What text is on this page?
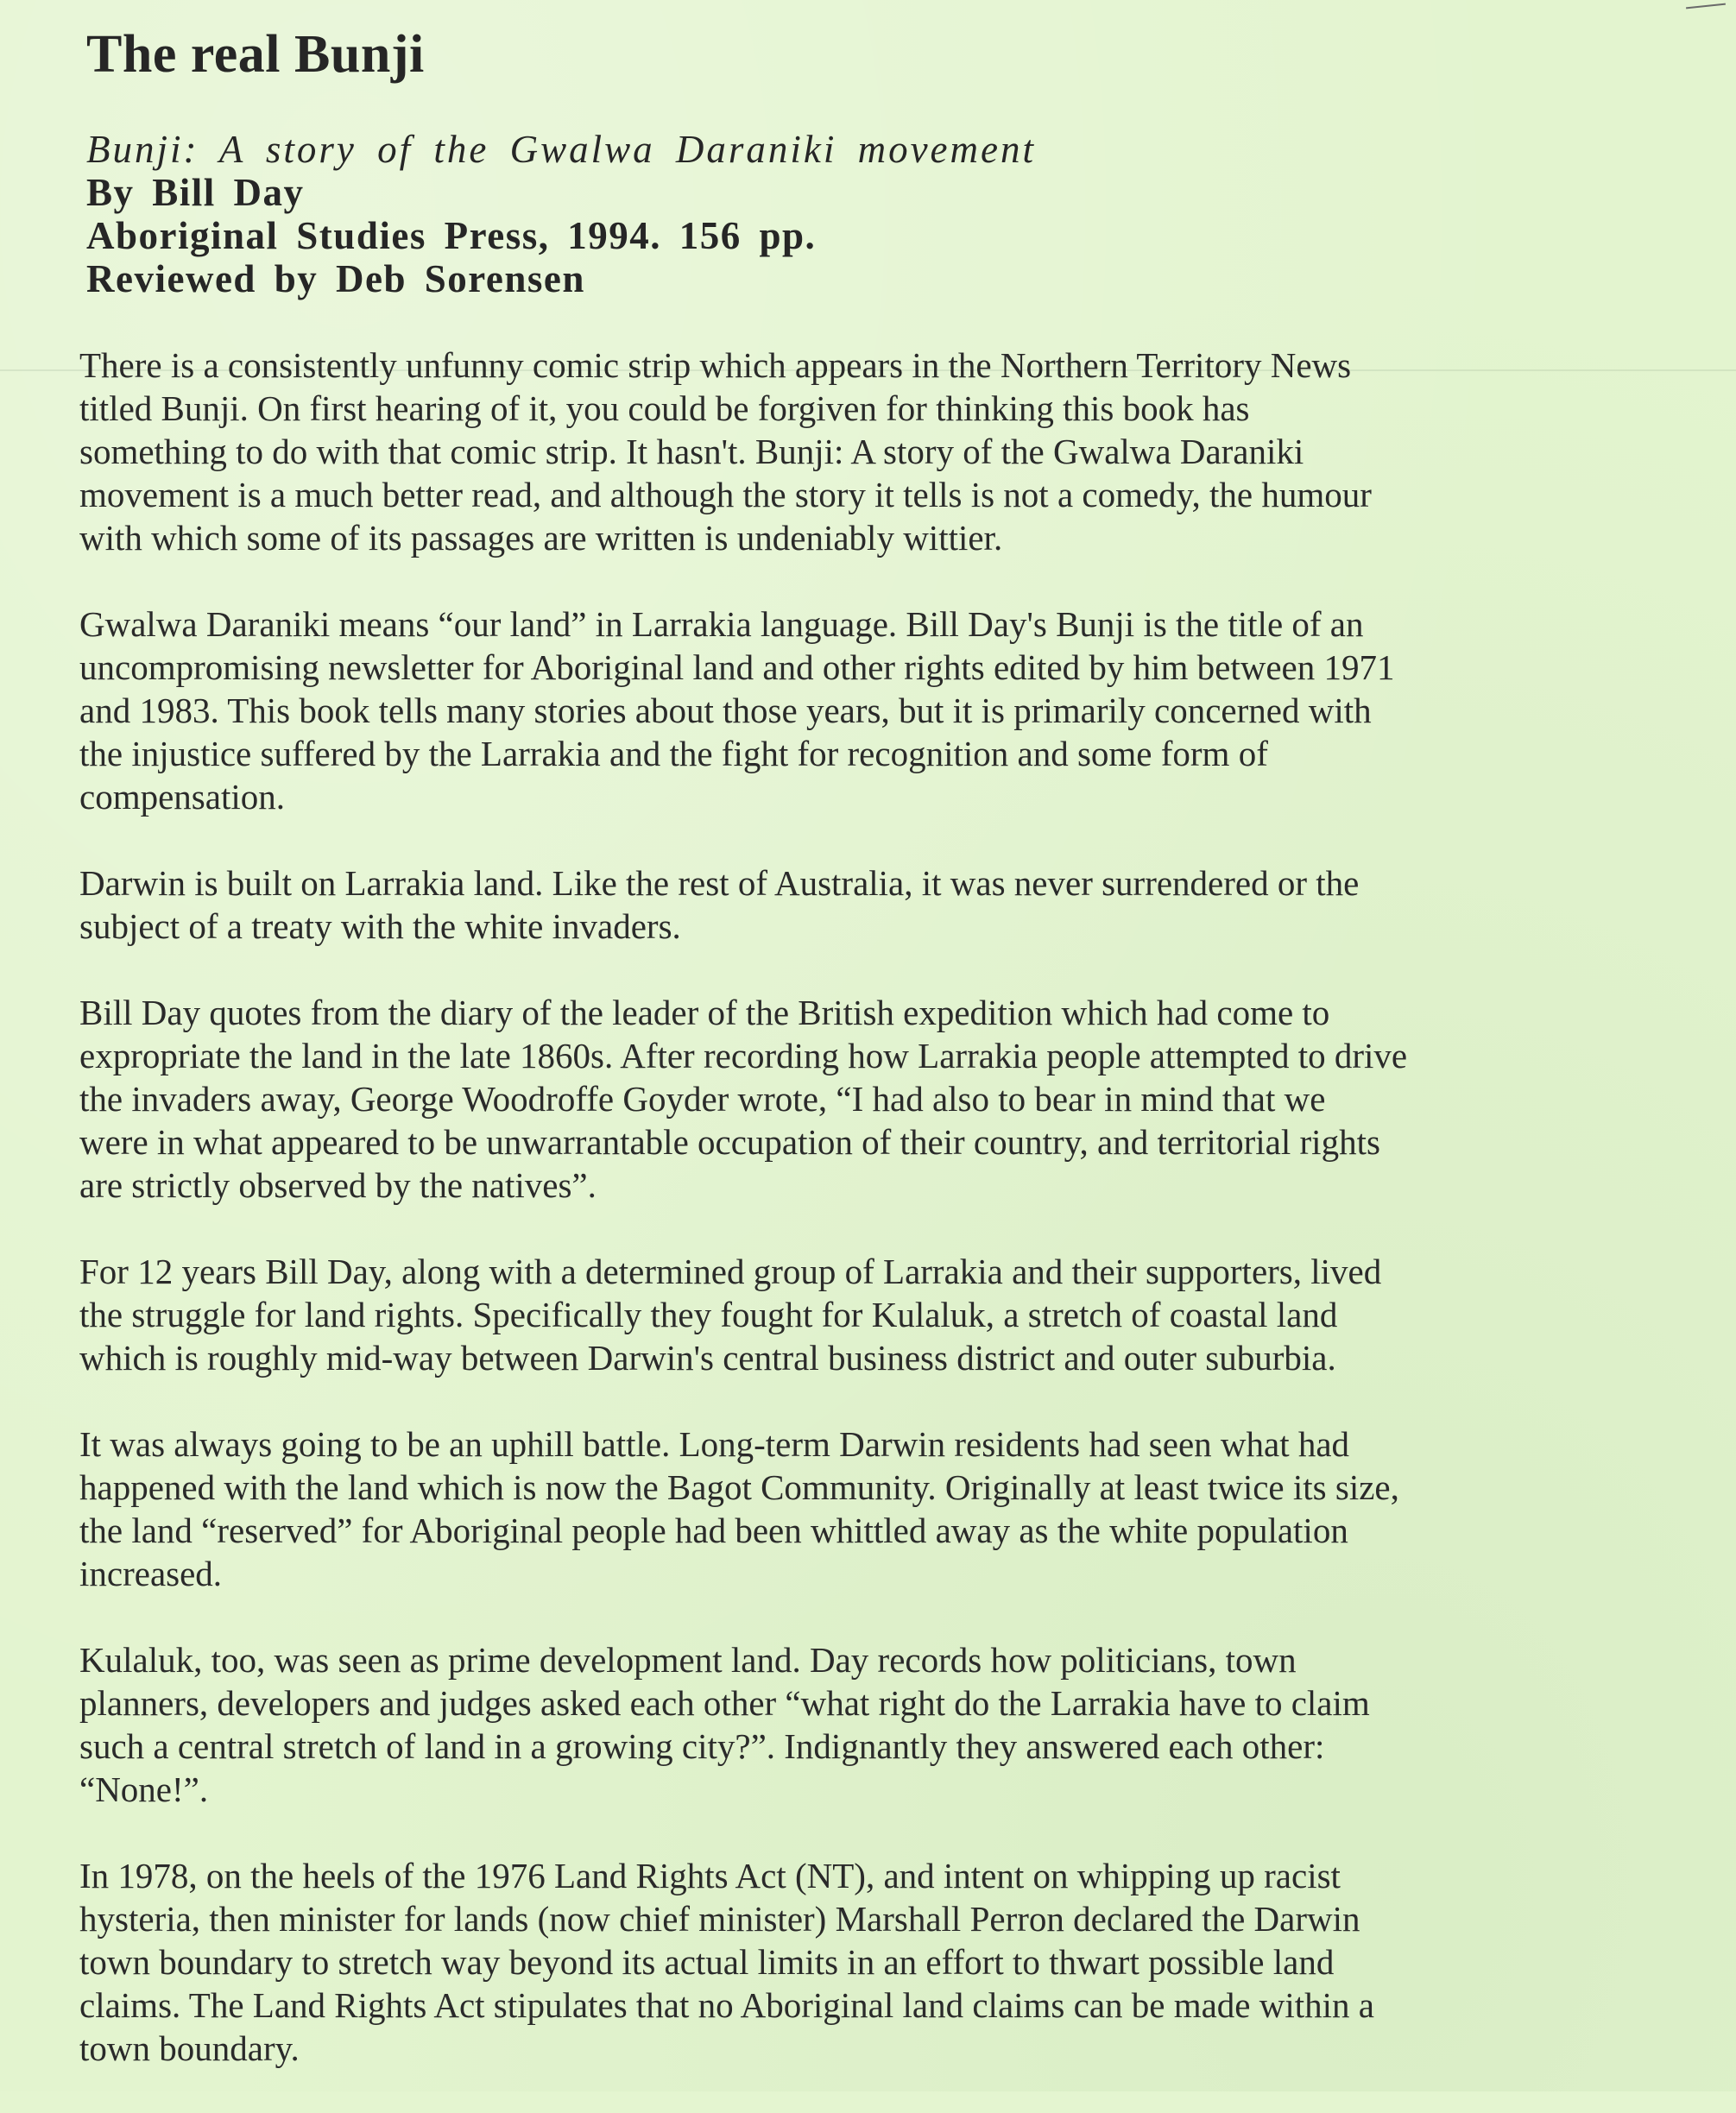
The real Bunji
Bunji: A story of the Gwalwa Daraniki movement
By Bill Day
Aboriginal Studies Press, 1994. 156 pp.
Reviewed by Deb Sorensen

There is a consistently unfunny comic strip which appears in the Northern Territory News
titled Bunji. On first hearing of it, you could be forgiven for thinking this book has
something to do with that comic strip. It hasn't. Bunji: A story of the Gwalwa Daraniki
movement is a much better read, and although the story it tells is not a comedy, the humour
with which some of its passages are written is undeniably wittier.

Gwalwa Daraniki means “our land” in Larrakia language. Bill Day's Bunji is the title of an
uncompromising newsletter for Aboriginal land and other rights edited by him between 1971
and 1983. This book tells many stories about those years, but it is primarily concerned with
the injustice suffered by the Larrakia and the fight for recognition and some form of
compensation.

Darwin is built on Larrakia land. Like the rest of Australia, it was never surrendered or the
subject of a treaty with the white invaders.

Bill Day quotes from the diary of the leader of the British expedition which had come to
expropriate the land in the late 1860s. After recording how Larrakia people attempted to drive
the invaders away, George Woodroffe Goyder wrote, “I had also to bear in mind that we
were in what appeared to be unwarrantable occupation of their country, and territorial rights
are strictly observed by the natives”.

For 12 years Bill Day, along with a determined group of Larrakia and their supporters, lived
the struggle for land rights. Specifically they fought for Kulaluk, a stretch of coastal land
which is roughly mid-way between Darwin's central business district and outer suburbia.

It was always going to be an uphill battle. Long-term Darwin residents had seen what had
happened with the land which is now the Bagot Community. Originally at least twice its size,
the land “reserved” for Aboriginal people had been whittled away as the white population
increased.

Kulaluk, too, was seen as prime development land. Day records how politicians, town
planners, developers and judges asked each other “what right do the Larrakia have to claim
such a central stretch of land in a growing city?”. Indignantly they answered each other:
“None!”.

In 1978, on the heels of the 1976 Land Rights Act (NT), and intent on whipping up racist
hysteria, then minister for lands (now chief minister) Marshall Perron declared the Darwin
town boundary to stretch way beyond its actual limits in an effort to thwart possible land
claims. The Land Rights Act stipulates that no Aboriginal land claims can be made within a
town boundary.
